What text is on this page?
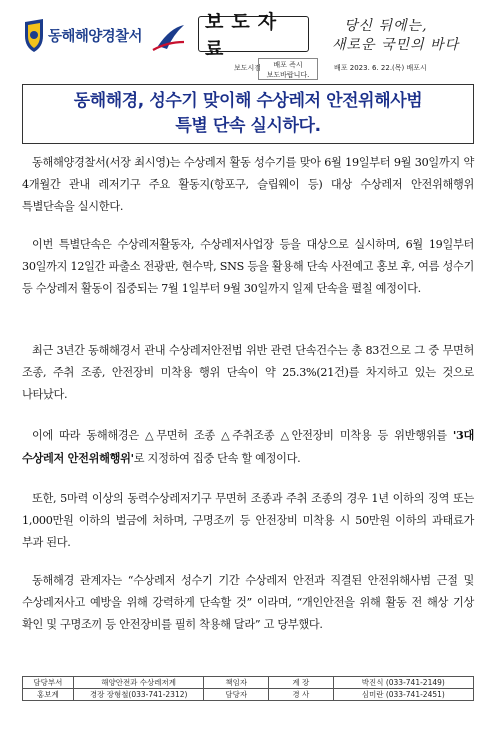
동해해양경찰서
보도자료
당신 뒤에는,
새로운 국민의 바다
보도시점	배포 즉시
보도바랍니다.
배포 2023. 6. 22.(목) 배포시
동해해경, 성수기 맞이해 수상레저 안전위해사범
특별 단속 실시하다.
동해해양경찰서(서장 최시영)는 수상레저 활동 성수기를 맞아 6월 19일부터 9월 30일까지 약 4개월간 관내 레저기구 주요 활동지(항포구, 슬립웨이 등) 대상 수상레저 안전위해행위 특별단속을 실시한다.
이번 특별단속은 수상레저활동자, 수상레저사업장 등을 대상으로 실시하며, 6월 19일부터 30일까지 12일간 파출소 전광판, 현수막, SNS 등을 활용해 단속 사전예고 홍보 후, 여름 성수기 등 수상레저 활동이 집중되는 7월 1일부터 9월 30일까지 일제 단속을 펼칠 예정이다.
최근 3년간 동해해경서 관내 수상레저안전법 위반 관련 단속건수는 총 83건으로 그 중 무면허 조종, 주취 조종, 안전장비 미착용 행위 단속이 약 25.3%(21건)를 차지하고 있는 것으로 나타났다.
이에 따라 동해해경은 △무면허 조종 △주취조종 △안전장비 미착용 등 위반행위를 '3대 수상레저 안전위해행위'로 지정하여 집중 단속 할 예정이다.
또한, 5마력 이상의 동력수상레저기구 무면허 조종과 주취 조종의 경우 1년 이하의 징역 또는 1,000만원 이하의 벌금에 처하며, 구명조끼 등 안전장비 미착용 시 50만원 이하의 과태료가 부과 된다.
동해해경 관계자는 “수상레저 성수기 기간 수상레저 안전과 직결된 안전위해사범 근절 및 수상레저사고 예방을 위해 강력하게 단속할 것” 이라며, “개인안전을 위해 활동 전 해상 기상 확인 및 구명조끼 등 안전장비를 필히 착용해 달라” 고 당부했다.
담당부서	해양안전과 수상레저계	책임자	계 장	박진식 (033-741-2149)
홍보계	경장 장형철(033-741-2312)	담당자	경 사	심미란 (033-741-2451)
